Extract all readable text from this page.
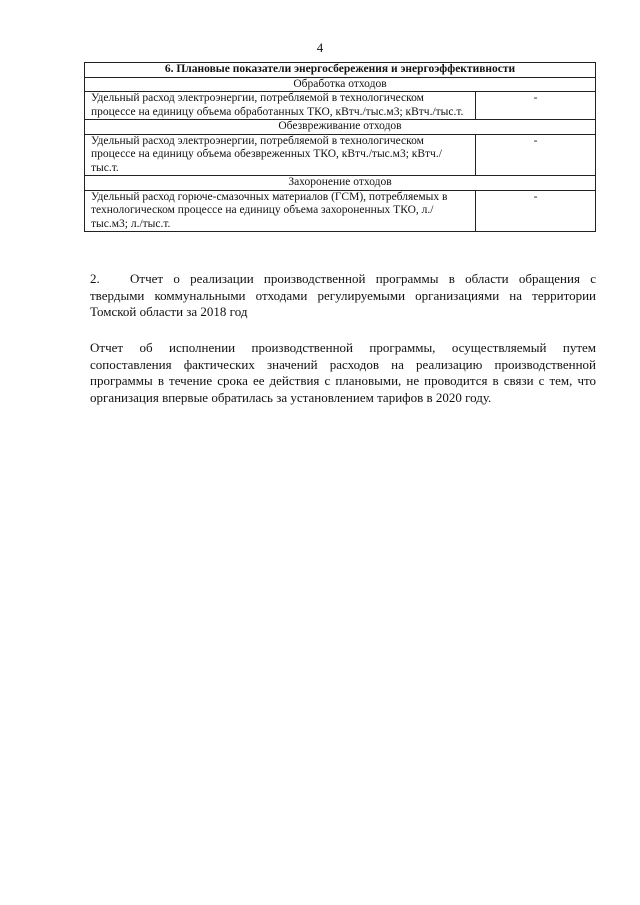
4
6. Плановые показатели энергосбережения и энергоэффективности	
Обработка отходов	
Удельный расход электроэнергии, потребляемой в технологическом процессе на единицу объема обработанных ТКО, кВтч./тыс.м3; кВтч./тыс.т.	-
Обезвреживание отходов	
Удельный расход электроэнергии, потребляемой в технологическом процессе на единицу объема обезвреженных ТКО, кВтч./тыс.м3; кВтч./тыс.т.	-
Захоронение отходов	
Удельный расход горюче-смазочных материалов (ГСМ), потребляемых в технологическом процессе на единицу объема захороненных ТКО, л./тыс.м3; л./тыс.т.	-
2. Отчет о реализации производственной программы в области обращения с твердыми коммунальными отходами регулируемыми организациями на территории Томской области за 2018 год
Отчет об исполнении производственной программы, осуществляемый путем сопоставления фактических значений расходов на реализацию производственной программы в течение срока ее действия с плановыми, не проводится в связи с тем, что организация впервые обратилась за установлением тарифов в 2020 году.
